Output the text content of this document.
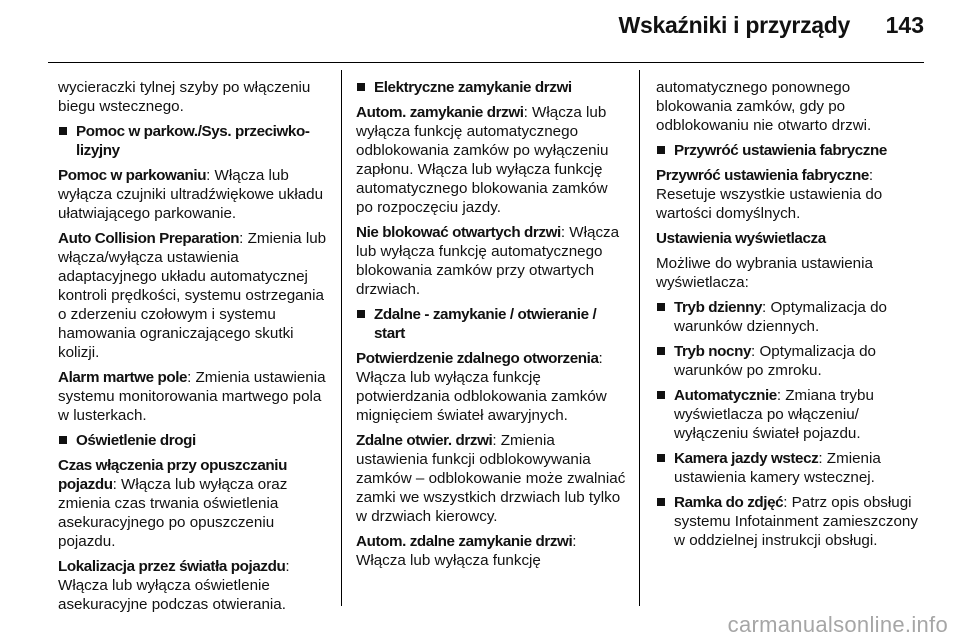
Wskaźniki i przyrządy 143

wycieraczki tylnej szyby po włączeniu biegu wstecznego.

Pomoc w parkow./Sys. przeciwko-lizyjny

Pomoc w parkowaniu: Włącza lub wyłącza czujniki ultradźwiękowe układu ułatwiającego parkowanie.

Auto Collision Preparation: Zmienia lub włącza/wyłącza ustawienia adaptacyjnego układu automatycznej kontroli prędkości, systemu ostrzegania o zderzeniu czołowym i systemu hamowania ograniczającego skutki kolizji.

Alarm martwe pole: Zmienia ustawienia systemu monitorowania martwego pola w lusterkach.

Oświetlenie drogi

Czas włączenia przy opuszczaniu pojazdu: Włącza lub wyłącza oraz zmienia czas trwania oświetlenia asekuracyjnego po opuszczeniu pojazdu.

Lokalizacja przez światła pojazdu: Włącza lub wyłącza oświetlenie asekuracyjne podczas otwierania.

Elektryczne zamykanie drzwi

Autom. zamykanie drzwi: Włącza lub wyłącza funkcję automatycznego odblokowania zamków po wyłączeniu zapłonu. Włącza lub wyłącza funkcję automatycznego blokowania zamków po rozpoczęciu jazdy.

Nie blokować otwartych drzwi: Włącza lub wyłącza funkcję automatycznego blokowania zamków przy otwartych drzwiach.

Zdalne - zamykanie / otwieranie / start

Potwierdzenie zdalnego otworzenia: Włącza lub wyłącza funkcję potwierdzania odblokowania zamków mignięciem świateł awaryjnych.

Zdalne otwier. drzwi: Zmienia ustawienia funkcji odblokowywania zamków – odblokowanie może zwalniać zamki we wszystkich drzwiach lub tylko w drzwiach kierowcy.

Autom. zdalne zamykanie drzwi: Włącza lub wyłącza funkcję

automatycznego ponownego blokowania zamków, gdy po odblokowaniu nie otwarto drzwi.

Przywróć ustawienia fabryczne

Przywróć ustawienia fabryczne: Resetuje wszystkie ustawienia do wartości domyślnych.

Ustawienia wyświetlacza

Możliwe do wybrania ustawienia wyświetlacza:

Tryb dzienny: Optymalizacja do warunków dziennych.
Tryb nocny: Optymalizacja do warunków po zmroku.
Automatycznie: Zmiana trybu wyświetlacza po włączeniu/ wyłączeniu świateł pojazdu.
Kamera jazdy wstecz: Zmienia ustawienia kamery wstecznej.
Ramka do zdjęć: Patrz opis obsługi systemu Infotainment zamieszczony w oddzielnej instrukcji obsługi.
carmanualsonline.info
